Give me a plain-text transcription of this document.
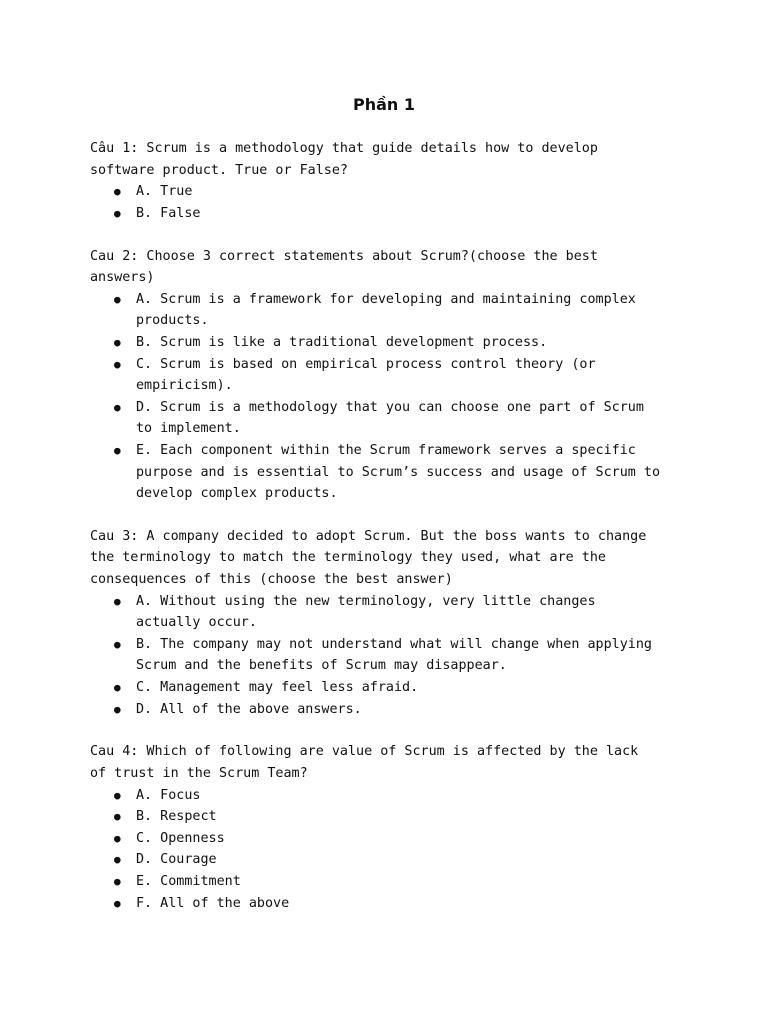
Phần 1
Câu 1: Scrum is a methodology that guide details how to develop
software product. True or False?
● A. True
● B. False
Cau 2: Choose 3 correct statements about Scrum?(choose the best
answers)
● A. Scrum is a framework for developing and maintaining complex
products.
● B. Scrum is like a traditional development process.
● C. Scrum is based on empirical process control theory (or
empiricism).
● D. Scrum is a methodology that you can choose one part of Scrum
to implement.
● E. Each component within the Scrum framework serves a specific
purpose and is essential to Scrum’s success and usage of Scrum to
develop complex products.
Cau 3: A company decided to adopt Scrum. But the boss wants to change
the terminology to match the terminology they used, what are the
consequences of this (choose the best answer)
● A. Without using the new terminology, very little changes
actually occur.
● B. The company may not understand what will change when applying
Scrum and the benefits of Scrum may disappear.
● C. Management may feel less afraid.
● D. All of the above answers.
Cau 4: Which of following are value of Scrum is affected by the lack
of trust in the Scrum Team?
● A. Focus
● B. Respect
● C. Openness
● D. Courage
● E. Commitment
● F. All of the above
